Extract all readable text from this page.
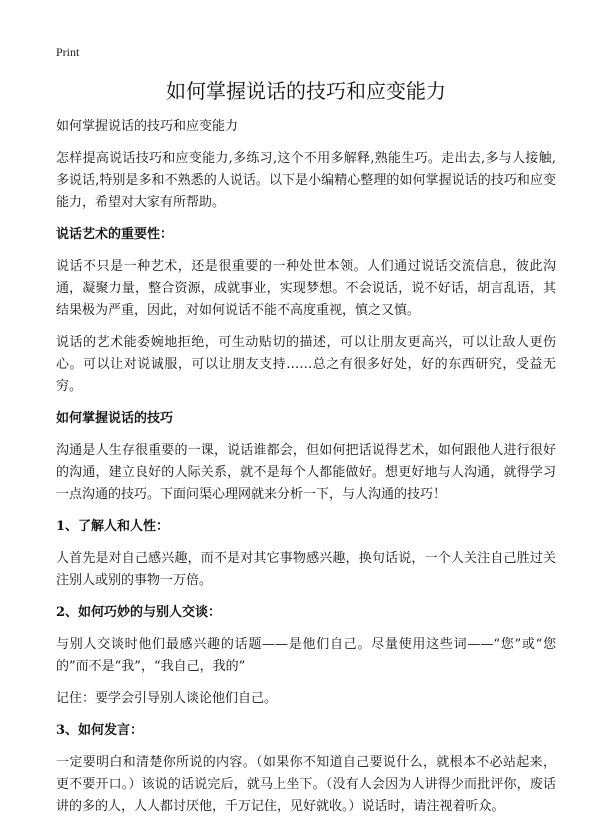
Print
如何掌握说话的技巧和应变能力

如何掌握说话的技巧和应变能力

怎样提高说话技巧和应变能力,多练习,这个不用多解释,熟能生巧。走出去,多与人接触,多说话,特别是多和不熟悉的人说话。以下是小编精心整理的如何掌握说话的技巧和应变能力，希望对大家有所帮助。

说话艺术的重要性：

说话不只是一种艺术，还是很重要的一种处世本领。人们通过说话交流信息，彼此沟通，凝聚力量，整合资源，成就事业，实现梦想。不会说话，说不好话，胡言乱语，其结果极为严重，因此，对如何说话不能不高度重视，慎之又慎。

说话的艺术能委婉地拒绝，可生动贴切的描述，可以让朋友更高兴，可以让敌人更伤心。可以让对说诚服，可以让朋友支持……总之有很多好处，好的东西研究，受益无穷。

如何掌握说话的技巧

沟通是人生存很重要的一课，说话谁都会，但如何把话说得艺术，如何跟他人进行很好的沟通，建立良好的人际关系，就不是每个人都能做好。想更好地与人沟通，就得学习一点沟通的技巧。下面问渠心理网就来分析一下，与人沟通的技巧！

1、了解人和人性：

人首先是对自己感兴趣，而不是对其它事物感兴趣，换句话说，一个人关注自己胜过关注别人或别的事物一万倍。

2、如何巧妙的与别人交谈：

与别人交谈时他们最感兴趣的话题——是他们自己。尽量使用这些词——“您”或“您的”而不是“我”，“我自己，我的”

记住：要学会引导别人谈论他们自己。

3、如何发言：

一定要明白和清楚你所说的内容。（如果你不知道自己要说什么，就根本不必站起来，更不要开口。）该说的话说完后，就马上坐下。（没有人会因为人讲得少而批评你，废话讲的多的人，人人都讨厌他，千万记住，见好就收。）说话时，请注视着听众。
